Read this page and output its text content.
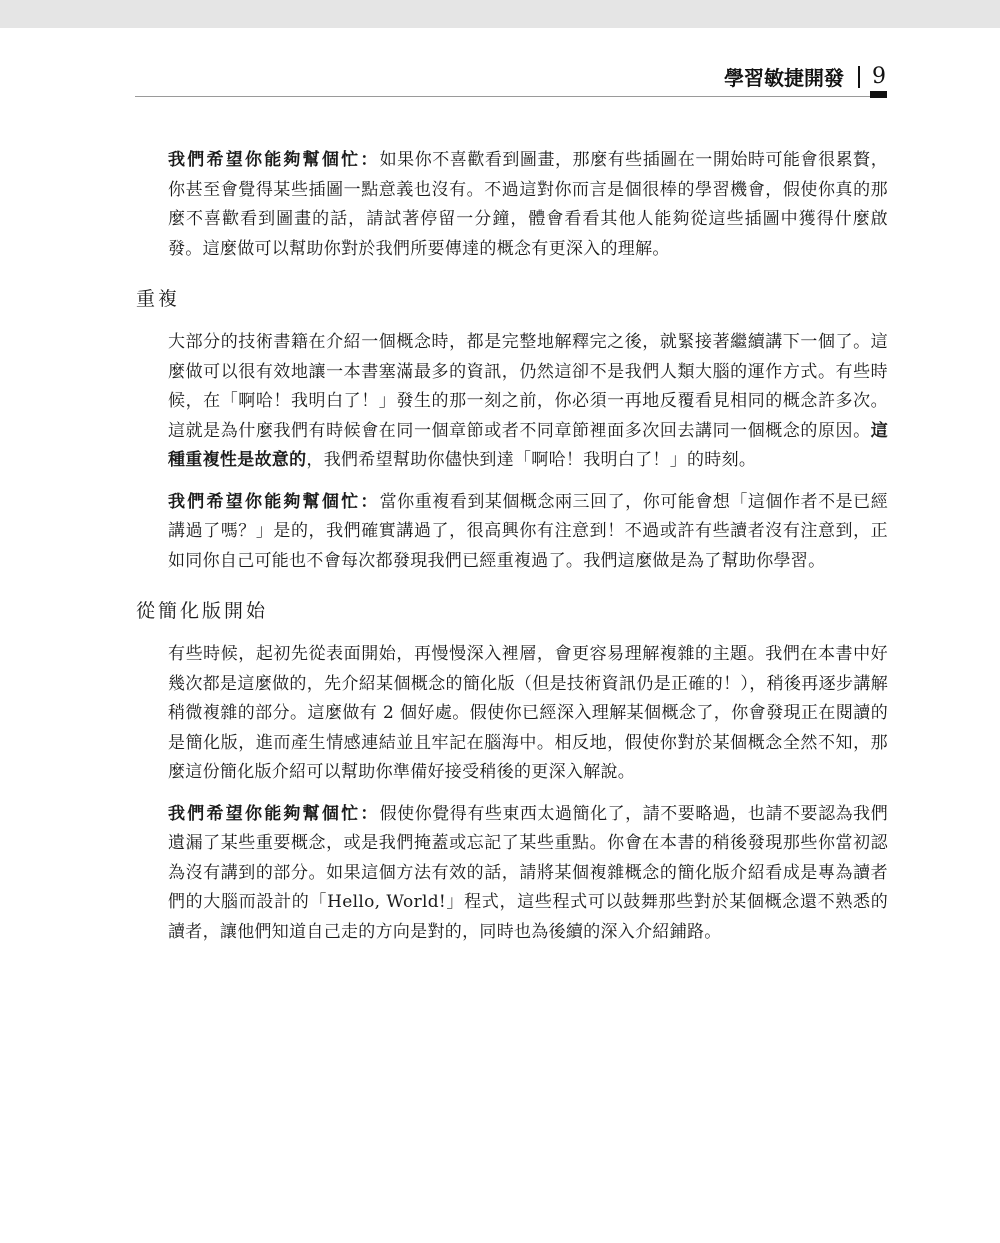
學習敏捷開發 9

我們希望你能夠幫個忙：如果你不喜歡看到圖畫，那麼有些插圖在一開始時可能會很累贅，你甚至會覺得某些插圖一點意義也沒有。不過這對你而言是個很棒的學習機會，假使你真的那麼不喜歡看到圖畫的話，請試著停留一分鐘，體會看看其他人能夠從這些插圖中獲得什麼啟發。這麼做可以幫助你對於我們所要傳達的概念有更深入的理解。

重複

大部分的技術書籍在介紹一個概念時，都是完整地解釋完之後，就緊接著繼續講下一個了。這麼做可以很有效地讓一本書塞滿最多的資訊，仍然這卻不是我們人類大腦的運作方式。有些時候，在「啊哈！我明白了！」發生的那一刻之前，你必須一再地反覆看見相同的概念許多次。這就是為什麼我們有時候會在同一個章節或者不同章節裡面多次回去講同一個概念的原因。這種重複性是故意的，我們希望幫助你儘快到達「啊哈！我明白了！」的時刻。

我們希望你能夠幫個忙：當你重複看到某個概念兩三回了，你可能會想「這個作者不是已經講過了嗎？」是的，我們確實講過了，很高興你有注意到！不過或許有些讀者沒有注意到，正如同你自己可能也不會每次都發現我們已經重複過了。我們這麼做是為了幫助你學習。

從簡化版開始

有些時候，起初先從表面開始，再慢慢深入裡層，會更容易理解複雜的主題。我們在本書中好幾次都是這麼做的，先介紹某個概念的簡化版（但是技術資訊仍是正確的！），稍後再逐步講解稍微複雜的部分。這麼做有 2 個好處。假使你已經深入理解某個概念了，你會發現正在閱讀的是簡化版，進而產生情感連結並且牢記在腦海中。相反地，假使你對於某個概念全然不知，那麼這份簡化版介紹可以幫助你準備好接受稍後的更深入解說。

我們希望你能夠幫個忙：假使你覺得有些東西太過簡化了，請不要略過，也請不要認為我們遺漏了某些重要概念，或是我們掩蓋或忘記了某些重點。你會在本書的稍後發現那些你當初認為沒有講到的部分。如果這個方法有效的話，請將某個複雜概念的簡化版介紹看成是專為讀者們的大腦而設計的「Hello, World!」程式，這些程式可以鼓舞那些對於某個概念還不熟悉的讀者，讓他們知道自己走的方向是對的，同時也為後續的深入介紹鋪路。
